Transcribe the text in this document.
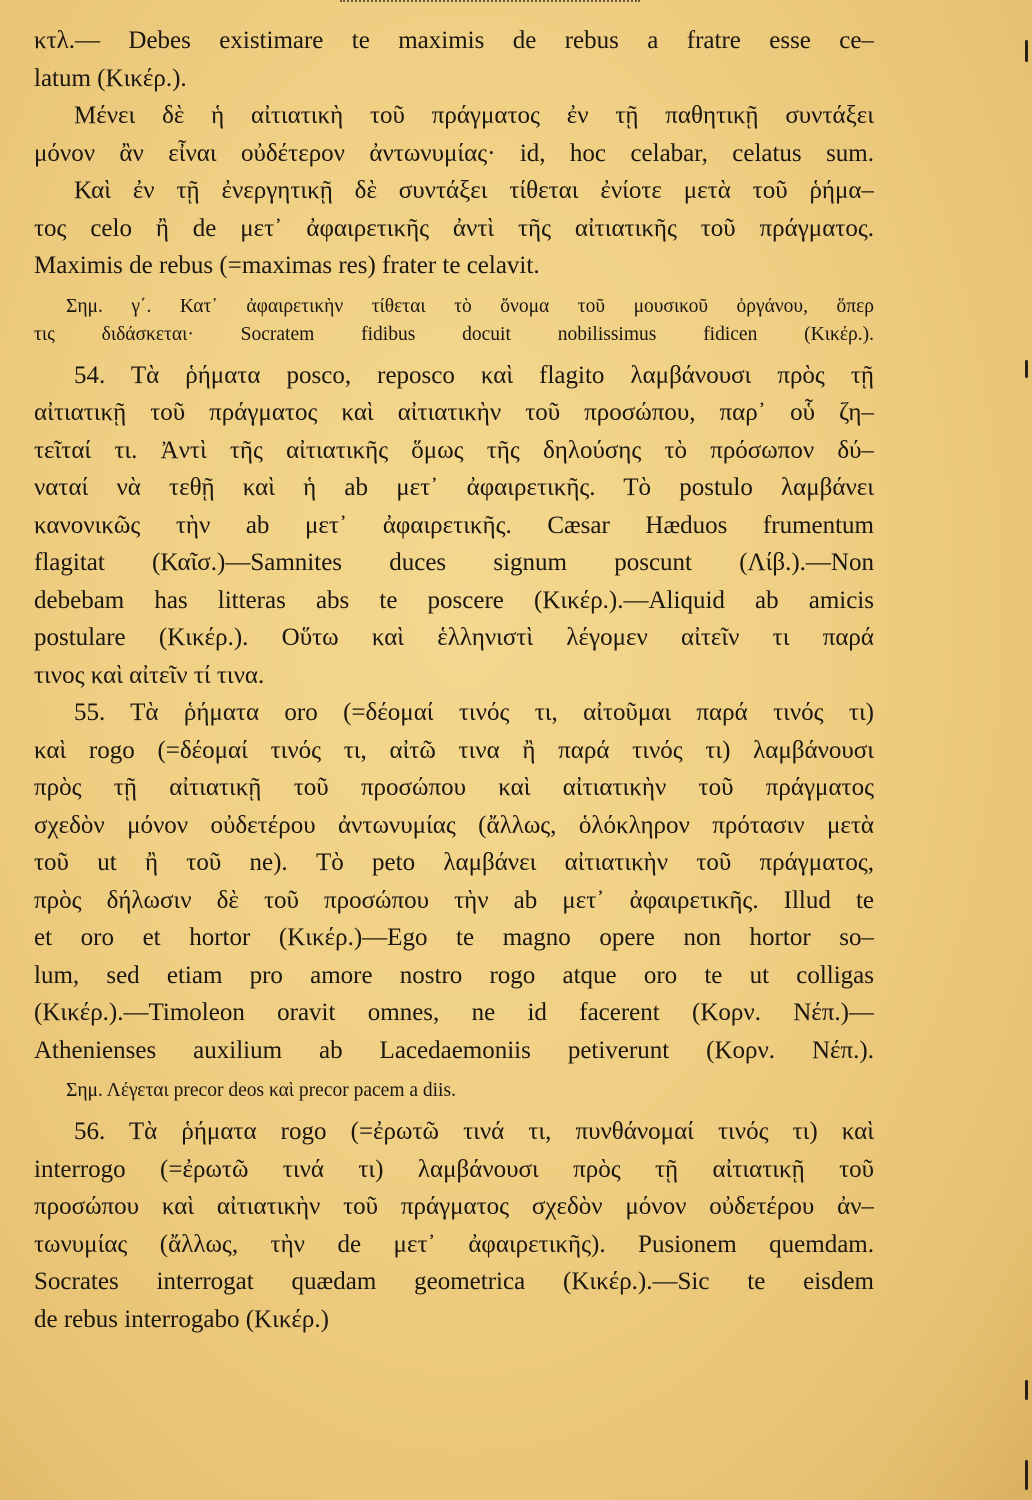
κτλ.— Debes existimare te maximis de rebus a fratre esse ce–
latum (Κικέρ.).
Μένει δὲ ἡ αἰτιατικὴ τοῦ πράγματος ἐν τῇ παθητικῇ συντάξει
μόνον ἂν εἶναι οὐδέτερον ἀντωνυμίας· id, hoc celabar, celatus sum.
Καὶ ἐν τῇ ἐνεργητικῇ δὲ συντάξει τίθεται ἐνίοτε μετὰ τοῦ ῥήμα–
τος celo ἢ de μετ᾽ ἀφαιρετικῆς ἀντὶ τῆς αἰτιατικῆς τοῦ πράγματος.
Maximis de rebus (=maximas res) frater te celavit.
Σημ. γ΄. Κατ᾽ ἀφαιρετικὴν τίθεται τὸ ὄνομα τοῦ μουσικοῦ ὀργάνου, ὅπερ
τις διδάσκεται· Socratem fidibus docuit nobilissimus fidicen (Κικέρ.).
54. Τὰ ῥήματα posco, reposco καὶ flagito λαμβάνουσι πρὸς τῇ
αἰτιατικῇ τοῦ πράγματος καὶ αἰτιατικὴν τοῦ προσώπου, παρ᾽ οὗ ζη–
τεῖταί τι. Ἀντὶ τῆς αἰτιατικῆς ὅμως τῆς δηλούσης τὸ πρόσωπον δύ–
ναταί νὰ τεθῇ καὶ ἡ ab μετ᾽ ἀφαιρετικῆς. Τὸ postulo λαμβάνει
κανονικῶς τὴν ab μετ᾽ ἀφαιρετικῆς. Cæsar Hæduos frumentum
flagitat (Καῖσ.)—Samnites duces signum poscunt (Λίβ.).—Non
debebam has litteras abs te poscere (Κικέρ.).—Aliquid ab amicis
postulare (Κικέρ.). Οὕτω καὶ ἑλληνιστὶ λέγομεν αἰτεῖν τι παρά
τινος καὶ αἰτεῖν τί τινα.
55. Τὰ ῥήματα oro (=δέομαί τινός τι, αἰτοῦμαι παρά τινός τι)
καὶ rogo (=δέομαί τινός τι, αἰτῶ τινα ἢ παρά τινός τι) λαμβάνουσι
πρὸς τῇ αἰτιατικῇ τοῦ προσώπου καὶ αἰτιατικὴν τοῦ πράγματος
σχεδὸν μόνον οὐδετέρου ἀντωνυμίας (ἄλλως, ὁλόκληρον πρότασιν μετὰ
τοῦ ut ἢ τοῦ ne). Τὸ peto λαμβάνει αἰτιατικὴν τοῦ πράγματος,
πρὸς δήλωσιν δὲ τοῦ προσώπου τὴν ab μετ᾽ ἀφαιρετικῆς. Illud te
et oro et hortor (Κικέρ.)—Ego te magno opere non hortor so–
lum, sed etiam pro amore nostro rogo atque oro te ut colligas
(Κικέρ.).—Timoleon oravit omnes, ne id facerent (Κορν. Νέπ.)—
Athenienses auxilium ab Lacedaemoniis petiverunt (Κορν. Νέπ.).
Σημ. Λέγεται precor deos καὶ precor pacem a diis.
56. Τὰ ῥήματα rogo (=ἐρωτῶ τινά τι, πυνθάνομαί τινός τι) καὶ
interrogo (=ἐρωτῶ τινά τι) λαμβάνουσι πρὸς τῇ αἰτιατικῇ τοῦ
προσώπου καὶ αἰτιατικὴν τοῦ πράγματος σχεδὸν μόνον οὐδετέρου ἀν–
τωνυμίας (ἄλλως, τὴν de μετ᾽ ἀφαιρετικῆς). Pusionem quemdam.
Socrates interrogat quædam geometrica (Κικέρ.).—Sic te eisdem
de rebus interrogabo (Κικέρ.)
